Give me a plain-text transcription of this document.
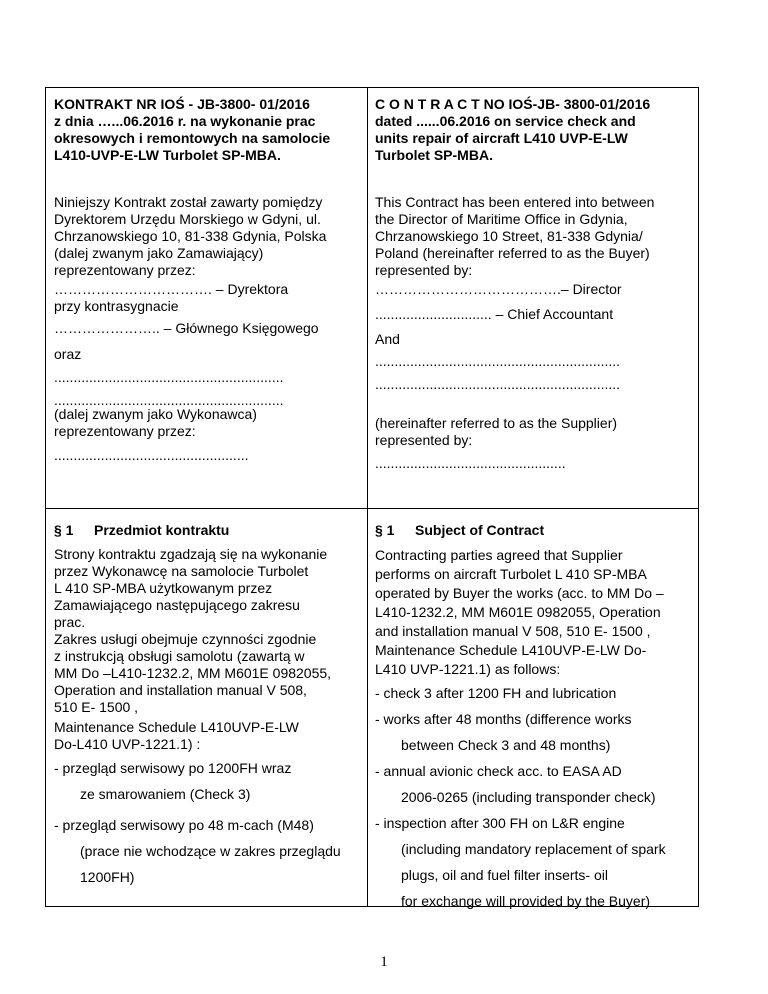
KONTRAKT NR IOŚ - JB-3800- 01/2016
z dnia …...06.2016 r. na wykonanie prac
okresowych i remontowych na samolocie
L410-UVP-E-LW Turbolet SP-MBA.
Niniejszy Kontrakt został zawarty pomiędzy
Dyrektorem Urzędu Morskiego w Gdyni, ul.
Chrzanowskiego 10, 81-338 Gdynia, Polska
(dalej zwanym jako Zamawiający)
reprezentowany przez:
……………………………. – Dyrektora
przy kontrasygnacie
………………….. – Głównego Księgowego
oraz
...........................................................
...........................................................
(dalej zwanym jako Wykonawca)
reprezentowany przez:
..................................................
§ 1 Przedmiot kontraktu
Strony kontraktu zgadzają się na wykonanie
przez Wykonawcę na samolocie Turbolet
L 410 SP-MBA użytkowanym przez
Zamawiającego następującego zakresu
prac.
Zakres usługi obejmuje czynności zgodnie
z instrukcją obsługi samolotu (zawartą w
MM Do –L410-1232.2, MM M601E 0982055,
Operation and installation manual V 508,
510 E- 1500 ,
Maintenance Schedule L410UVP-E-LW
Do-L410 UVP-1221.1) :
- przegląd serwisowy po 1200FH wraz
ze smarowaniem (Check 3)
- przegląd serwisowy po 48 m-cach (M48)
(prace nie wchodzące w zakres przeglądu
1200FH)
C O N T R A C T NO IOŚ-JB- 3800-01/2016
dated ......06.2016 on service check and
units repair of aircraft L410 UVP-E-LW
Turbolet SP-MBA.
This Contract has been entered into between
the Director of Maritime Office in Gdynia,
Chrzanowskiego 10 Street, 81-338 Gdynia/
Poland (hereinafter referred to as the Buyer)
represented by:
………………………………….– Director
.............................. – Chief Accountant
And
...............................................................
...............................................................
(hereinafter referred to as the Supplier)
represented by:
.................................................
§ 1 Subject of Contract
Contracting parties agreed that Supplier
performs on aircraft Turbolet L 410 SP-MBA
operated by Buyer the works (acc. to MM Do –
L410-1232.2, MM M601E 0982055, Operation
and installation manual V 508, 510 E- 1500 ,
Maintenance Schedule L410UVP-E-LW Do-
L410 UVP-1221.1) as follows:
- check 3 after 1200 FH and lubrication
- works after 48 months (difference works
between Check 3 and 48 months)
- annual avionic check acc. to EASA AD
2006-0265 (including transponder check)
- inspection after 300 FH on L&R engine
(including mandatory replacement of spark
plugs, oil and fuel filter inserts- oil
for exchange will provided by the Buyer)
1
